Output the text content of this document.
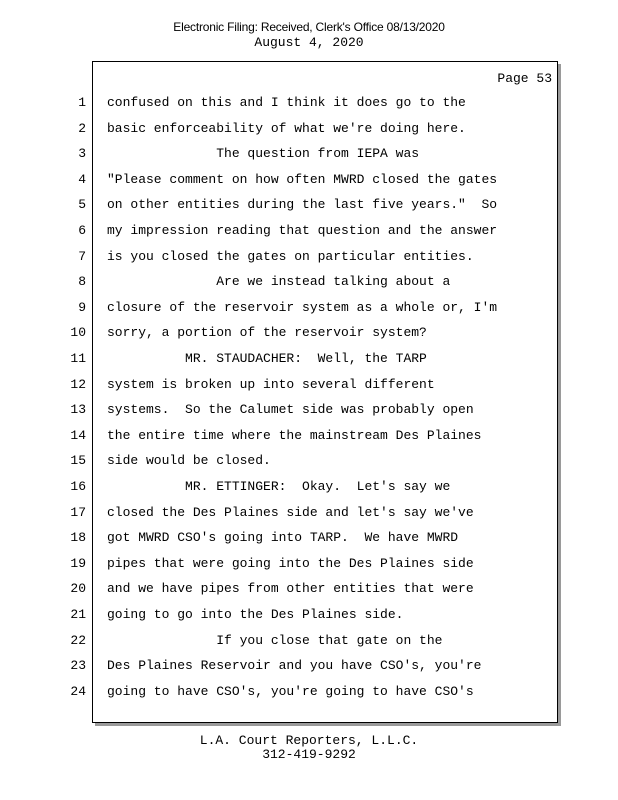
Electronic Filing: Received, Clerk's Office 08/13/2020
August 4, 2020
Page 53
1
2
3
4
5
6
7
8
9
10
11
12
13
14
15
16
17
18
19
20
21
22
23
24
confused on this and I think it does go to the
basic enforceability of what we're doing here.
The question from IEPA was
"Please comment on how often MWRD closed the gates
on other entities during the last five years."  So
my impression reading that question and the answer
is you closed the gates on particular entities.
Are we instead talking about a
closure of the reservoir system as a whole or, I'm
sorry, a portion of the reservoir system?
MR. STAUDACHER:  Well, the TARP
system is broken up into several different
systems.  So the Calumet side was probably open
the entire time where the mainstream Des Plaines
side would be closed.
MR. ETTINGER:  Okay.  Let's say we
closed the Des Plaines side and let's say we've
got MWRD CSO's going into TARP.  We have MWRD
pipes that were going into the Des Plaines side
and we have pipes from other entities that were
going to go into the Des Plaines side.
If you close that gate on the
Des Plaines Reservoir and you have CSO's, you're
going to have CSO's, you're going to have CSO's
L.A. Court Reporters, L.L.C.
312-419-9292
